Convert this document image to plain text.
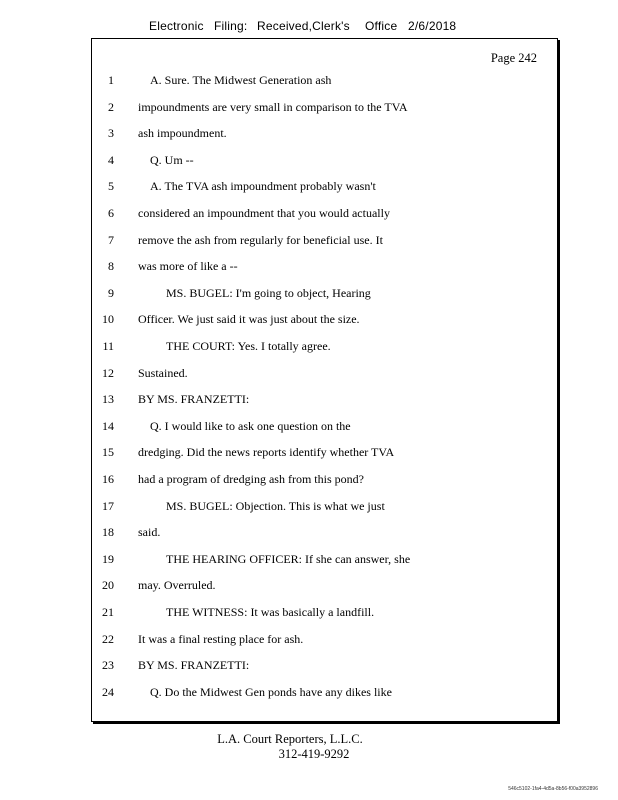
Electronic Filing: Received,Clerk's Office 2/6/2018
Page 242
1	A. Sure. The Midwest Generation ash
2 impoundments are very small in comparison to the TVA
3 ash impoundment.
4	Q. Um --
5	A. The TVA ash impoundment probably wasn't
6 considered an impoundment that you would actually
7 remove the ash from regularly for beneficial use. It
8 was more of like a --
9	MS. BUGEL: I'm going to object, Hearing
10 Officer. We just said it was just about the size.
11	THE COURT: Yes. I totally agree.
12 Sustained.
13 BY MS. FRANZETTI:
14	Q. I would like to ask one question on the
15 dredging. Did the news reports identify whether TVA
16 had a program of dredging ash from this pond?
17	MS. BUGEL: Objection. This is what we just
18 said.
19	THE HEARING OFFICER: If she can answer, she
20 may. Overruled.
21	THE WITNESS: It was basically a landfill.
22 It was a final resting place for ash.
23 BY MS. FRANZETTI:
24	Q. Do the Midwest Gen ponds have any dikes like
L.A. Court Reporters, L.L.C.
312-419-9292
546c5102-1fa4-4d5a-8b56-f00a3952896
